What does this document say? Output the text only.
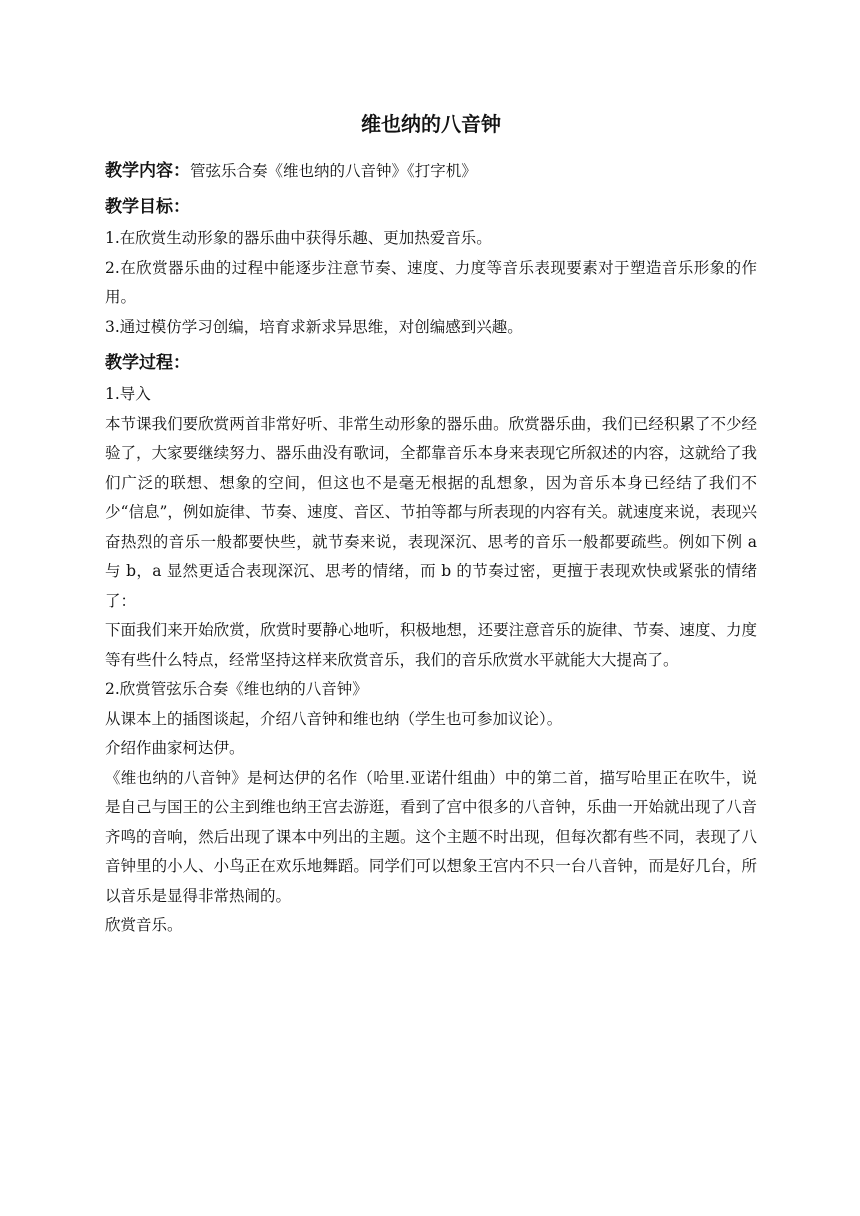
维也纳的八音钟

教学内容：管弦乐合奏《维也纳的八音钟》《打字机》

教学目标：

1.在欣赏生动形象的器乐曲中获得乐趣、更加热爱音乐。

2.在欣赏器乐曲的过程中能逐步注意节奏、速度、力度等音乐表现要素对于塑造音乐形象的作用。

3.通过模仿学习创编，培育求新求异思维，对创编感到兴趣。

教学过程：

1.导入

本节课我们要欣赏两首非常好听、非常生动形象的器乐曲。欣赏器乐曲，我们已经积累了不少经验了，大家要继续努力、器乐曲没有歌词，全都靠音乐本身来表现它所叙述的内容，这就给了我们广泛的联想、想象的空间，但这也不是毫无根据的乱想象，因为音乐本身已经结了我们不少“信息”，例如旋律、节奏、速度、音区、节拍等都与所表现的内容有关。就速度来说，表现兴奋热烈的音乐一般都要快些，就节奏来说，表现深沉、思考的音乐一般都要疏些。例如下例 a 与 b，a 显然更适合表现深沉、思考的情绪，而 b 的节奏过密，更擅于表现欢快或紧张的情绪了：

下面我们来开始欣赏，欣赏时要静心地听，积极地想，还要注意音乐的旋律、节奏、速度、力度等有些什么特点，经常坚持这样来欣赏音乐，我们的音乐欣赏水平就能大大提高了。

2.欣赏管弦乐合奏《维也纳的八音钟》

从课本上的插图谈起，介绍八音钟和维也纳（学生也可参加议论）。

介绍作曲家柯达伊。

《维也纳的八音钟》是柯达伊的名作（哈里.亚诺什组曲）中的第二首，描写哈里正在吹牛，说是自己与国王的公主到维也纳王宫去游逛，看到了宫中很多的八音钟，乐曲一开始就出现了八音齐鸣的音响，然后出现了课本中列出的主题。这个主题不时出现，但每次都有些不同，表现了八音钟里的小人、小鸟正在欢乐地舞蹈。同学们可以想象王宫内不只一台八音钟，而是好几台，所以音乐是显得非常热闹的。

欣赏音乐。
